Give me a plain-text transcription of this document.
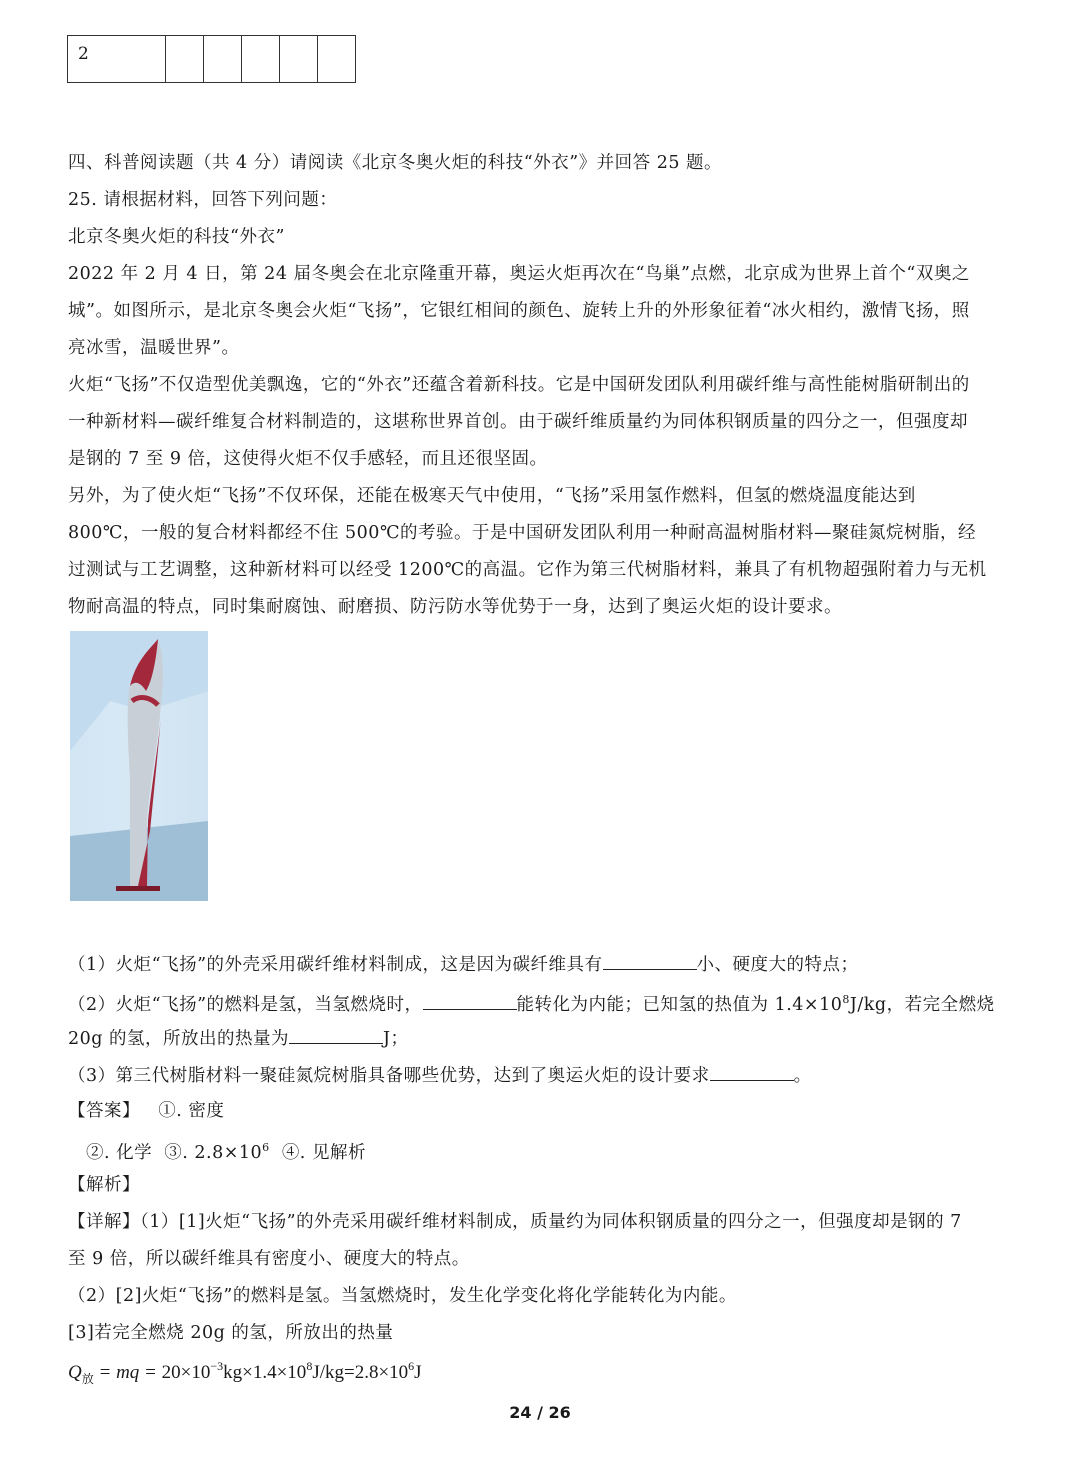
2					
四、科普阅读题（共 4 分）请阅读《北京冬奥火炬的科技“外衣”》并回答 25 题。
25. 请根据材料，回答下列问题：
北京冬奥火炬的科技“外衣”
2022 年 2 月 4 日，第 24 届冬奥会在北京隆重开幕，奥运火炬再次在“鸟巢”点燃，北京成为世界上首个“双奥之
城”。如图所示，是北京冬奥会火炬“飞扬”，它银红相间的颜色、旋转上升的外形象征着“冰火相约，激情飞扬，照
亮冰雪，温暖世界”。
火炬“飞扬”不仅造型优美飘逸，它的“外衣”还蕴含着新科技。它是中国研发团队利用碳纤维与高性能树脂研制出的
一种新材料—碳纤维复合材料制造的，这堪称世界首创。由于碳纤维质量约为同体积钢质量的四分之一，但强度却
是钢的 7 至 9 倍，这使得火炬不仅手感轻，而且还很坚固。
另外，为了使火炬“飞扬”不仅环保，还能在极寒天气中使用，“飞扬”采用氢作燃料，但氢的燃烧温度能达到
800℃，一般的复合材料都经不住 500℃的考验。于是中国研发团队利用一种耐高温树脂材料—聚硅氮烷树脂，经
过测试与工艺调整，这种新材料可以经受 1200℃的高温。它作为第三代树脂材料，兼具了有机物超强附着力与无机
物耐高温的特点，同时集耐腐蚀、耐磨损、防污防水等优势于一身，达到了奥运火炬的设计要求。
（1）火炬“飞扬”的外壳采用碳纤维材料制成，这是因为碳纤维具有	小、硬度大的特点；
（2）火炬“飞扬”的燃料是氢，当氢燃烧时，	能转化为内能；已知氢的热值为 $1.4\times 10^8J/kg$，若完全燃烧
20g 的氢，所放出的热量为	J；
（3）第三代树脂材料一聚硅氮烷树脂具备哪些优势，达到了奥运火炬的设计要求	。
【答案】 ①. 密度
②. 化学 ③. $2.8\times 10^6$ ④. 见解析
【解析】
【详解】（1）[1]火炬“飞扬”的外壳采用碳纤维材料制成，质量约为同体积钢质量的四分之一，但强度却是钢的 7
至 9 倍，所以碳纤维具有密度小、硬度大的特点。
（2）[2]火炬“飞扬”的燃料是氢。当氢燃烧时，发生化学变化将化学能转化为内能。
[3]若完全燃烧 20g 的氢，所放出的热量
$Q_放$ = mq = $20\times 10^{-3}kg\times 1.4\times 10^8J/kg=2.8\times 10^6J$
24 / 26
